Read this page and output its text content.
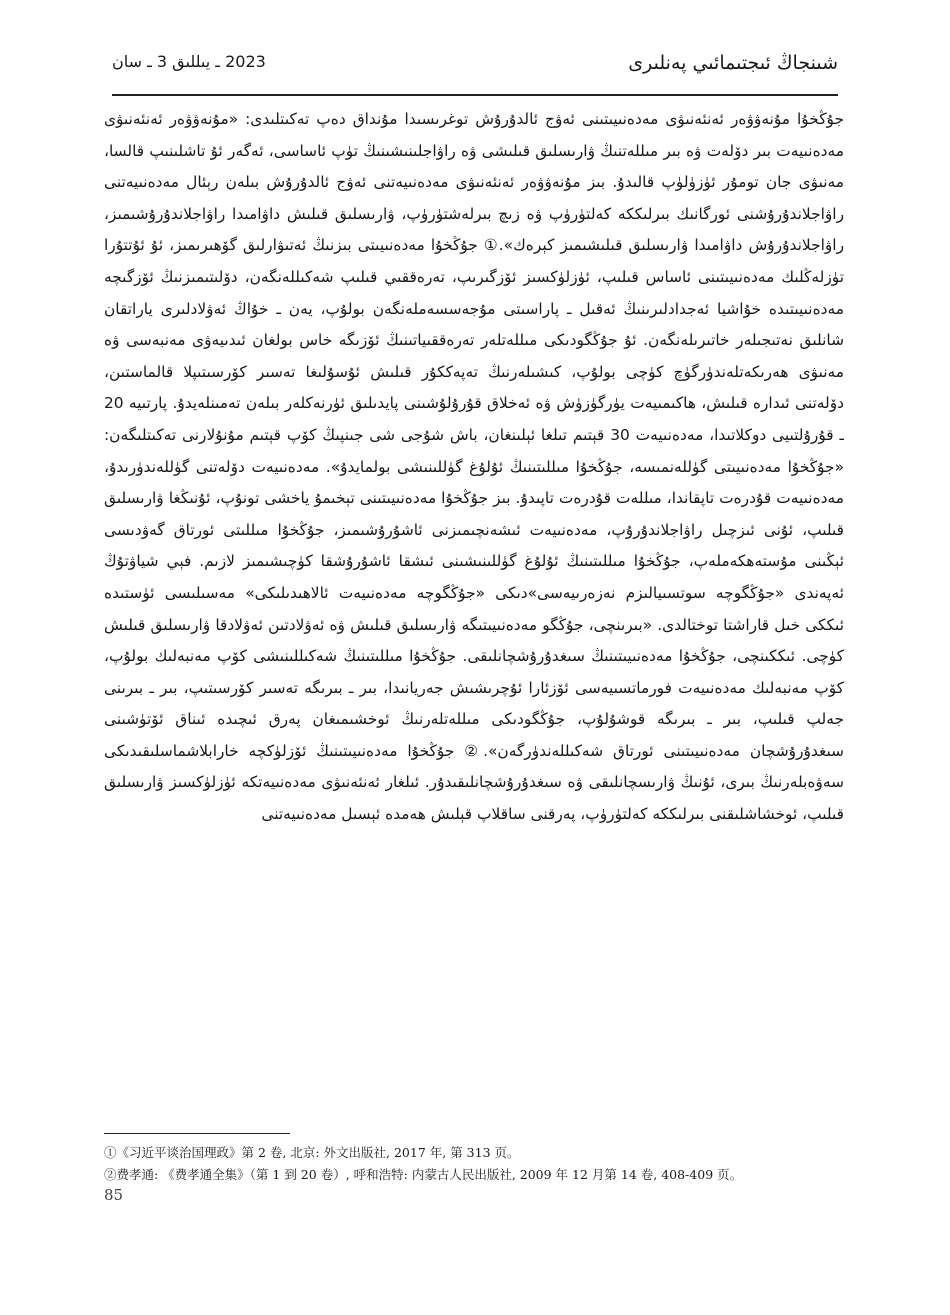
شىنجاڭ ئىجتىمائىي پەنلىرى
2023 ـ يىللىق 3 ـ سان

جۇڭخۇا مۇنەۋۋەر ئەنئەنىۋى مەدەنىيىتىنى ئەۋج ئالدۇرۇش توغرىسىدا مۇنداق دەپ تەكىتلىدى: «مۇنەۋۋەر ئەنئەنىۋى مەدەنىيەت بىر دۆلەت ۋە بىر مىللەتنىڭ ۋارىسلىق قىلىشى ۋە راۋاجلىنىشىنىڭ تۈپ ئاساسى، ئەگەر ئۇ تاشلىنىپ قالسا، مەنىۋى جان تومۇر ئۈزۈلۈپ قالىدۇ. بىز مۇنەۋۋەر ئەنئەنىۋى مەدەنىيەتنى ئەۋج ئالدۇرۇش بىلەن رېئال مەدەنىيەتنى راۋاجلاندۇرۇشنى ئورگانىك بىرلىككە كەلتۈرۈپ ۋە زىچ بىرلەشتۈرۈپ، ۋارىسلىق قىلىش داۋامىدا راۋاجلاندۇرۇشىمىز، راۋاجلاندۇرۇش داۋامىدا ۋارىسلىق قىلىشىمىز كېرەك».① جۇڭخۇا مەدەنىيىتى بىزنىڭ ئەتىۋارلىق گۆھىرىمىز، ئۇ ئۇتتۇرا تۈزلەڭلىك مەدەنىيىتىنى ئاساس قىلىپ، ئۈزلۈكسىز ئۆزگىرىپ، تەرەققىي قىلىپ شەكىللەنگەن، دۆلىتىمىزنىڭ ئۆزگىچە مەدەنىيىتىدە خۇاشيا ئەجدادلىرىنىڭ ئەقىل ـ پاراسىتى مۇجەسسەملەنگەن بولۇپ، يەن ـ خۇاڭ ئەۋلادلىرى ياراتقان شانلىق نەتىجىلەر خاتىرىلەنگەن. ئۇ جۇڭگودىكى مىللەتلەر تەرەققىياتىنىڭ ئۆزىگە خاس بولغان ئىدىيەۋى مەنبەسى ۋە مەنىۋى ھەرىكەتلەندۈرگۈچ كۈچى بولۇپ، كىشىلەرنىڭ تەپەككۇر قىلىش ئۇسۇلىغا تەسىر كۆرسىتىپلا قالماستىن، دۆلەتنى ئىدارە قىلىش، ھاكىمىيەت يۈرگۈزۈش ۋە ئەخلاق قۇرۇلۇشىنى پايدىلىق ئۈرنەكلەر بىلەن تەمىنلەيدۇ. پارتىيە 20 ـ قۇرۇلتىيى دوكلاتىدا، مەدەنىيەت 30 قېتىم تىلغا ئېلىنغان، باش شۇجى شى جىنپىڭ كۆپ قېتىم مۇنۇلارنى تەكىتلىگەن: «جۇڭخۇا مەدەنىيىتى گۈللەنمىسە، جۇڭخۇا مىللىتىنىڭ ئۇلۇغ گۈللىنىشى بولمايدۇ». مەدەنىيەت دۆلەتنى گۈللەندۈرىدۇ، مەدەنىيەت قۇدرەت تاپقاندا، مىللەت قۇدرەت تاپىدۇ. بىز جۇڭخۇا مەدەنىيىتىنى تېخىمۇ ياخشى تونۇپ، ئۇنىڭغا ۋارىسلىق قىلىپ، ئۇنى ئىزچىل راۋاجلاندۇرۇپ، مەدەنىيەت ئىشەنچىمىزنى ئاشۇرۇشىمىز، جۇڭخۇا مىللىتى ئورتاق گەۋدىسى ئېڭىنى مۇستەھكەملەپ، جۇڭخۇا مىللىتىنىڭ ئۇلۇغ گۈللىنىشىنى ئىشقا ئاشۇرۇشقا كۈچىشىمىز لازىم. فېي شياۋتۇڭ ئەپەندى «جۇڭگوچە سوتسىيالىزم نەزەرىيەسى»دىكى «جۇڭگوچە مەدەنىيەت ئالاھىدىلىكى» مەسىلىسى ئۈستىدە ئىككى خىل قاراشتا توختالدى. «بىرىنچى، جۇڭگو مەدەنىيىتىگە ۋارىسلىق قىلىش ۋە ئەۋلادتىن ئەۋلادقا ۋارىسلىق قىلىش كۈچى. ئىككىنچى، جۇڭخۇا مەدەنىيىتىنىڭ سىغدۇرۇشچانلىقى. جۇڭخۇا مىللىتىنىڭ شەكىللىنىشى كۆپ مەنبەلىك بولۇپ، كۆپ مەنبەلىك مەدەنىيەت فورماتسىيەسى ئۆزئارا ئۇچرىشىش جەريانىدا، بىر ـ بىرىگە تەسىر كۆرسىتىپ، بىر ـ بىرىنى جەلپ قىلىپ، بىر ـ بىرىگە قوشۇلۇپ، جۇڭگودىكى مىللەتلەرنىڭ ئوخشىمىغان پەرق ئىچىدە ئىناق ئۆتۈشىنى سىغدۇرۇشچان مەدەنىيىتىنى ئورتاق شەكىللەندۈرگەن».② جۇڭخۇا مەدەنىيىتىنىڭ ئۆزلۈكچە خارابلاشماسلىقىدىكى سەۋەبلەرنىڭ بىرى، ئۇنىڭ ۋارىسچانلىقى ۋە سىغدۇرۇشچانلىقىدۇر. ئىلغار ئەنئەنىۋى مەدەنىيەتكە ئۈزلۈكسىز ۋارىسلىق قىلىپ، ئوخشاشلىقنى بىرلىككە كەلتۈرۈپ، پەرقنى ساقلاپ قېلىش ھەمدە ئېسىل مەدەنىيەتنى

①《习近平谈治国理政》第 2 卷, 北京: 外文出版社, 2017 年, 第 313 页。
②费孝通: 《费孝通全集》（第 1 到 20 卷）, 呼和浩特: 内蒙古人民出版社, 2009 年 12 月第 14 卷, 408-409 页。
85
